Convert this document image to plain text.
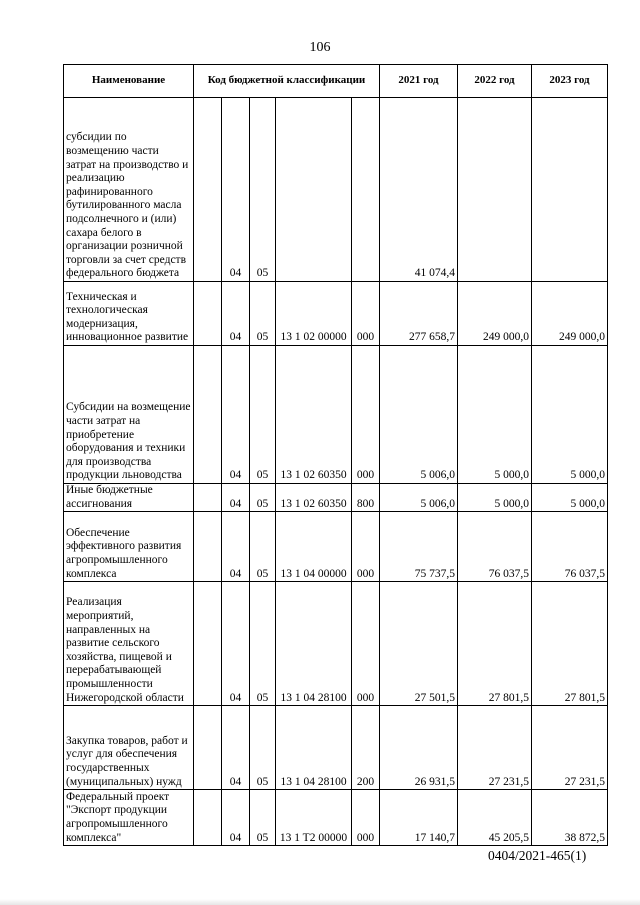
106
Наименование	Код бюджетной классификации					2021 год	2022 год	2023 год
субсидии по возмещению части затрат на производство и реализацию рафинированного бутилированного масла подсолнечного и (или) сахара белого в организации розничной торговли за счет средств федерального бюджета		04	05			41 074,4		
Техническая и технологическая модернизация, инновационное развитие		04	05	13 1 02 00000	000	277 658,7	249 000,0	249 000,0
Субсидии на возмещение части затрат на приобретение оборудования и техники для производства продукции льноводства		04	05	13 1 02 60350	000	5 006,0	5 000,0	5 000,0
Иные бюджетные ассигнования		04	05	13 1 02 60350	800	5 006,0	5 000,0	5 000,0
Обеспечение эффективного развития агропромышленного комплекса		04	05	13 1 04 00000	000	75 737,5	76 037,5	76 037,5
Реализация мероприятий, направленных на развитие сельского хозяйства, пищевой и перерабатывающей промышленности Нижегородской области		04	05	13 1 04 28100	000	27 501,5	27 801,5	27 801,5
Закупка товаров, работ и услуг для обеспечения государственных (муниципальных) нужд		04	05	13 1 04 28100	200	26 931,5	27 231,5	27 231,5
Федеральный проект "Экспорт продукции агропромышленного комплекса"		04	05	13 1 T2 00000	000	17 140,7	45 205,5	38 872,5
0404/2021-465(1)
